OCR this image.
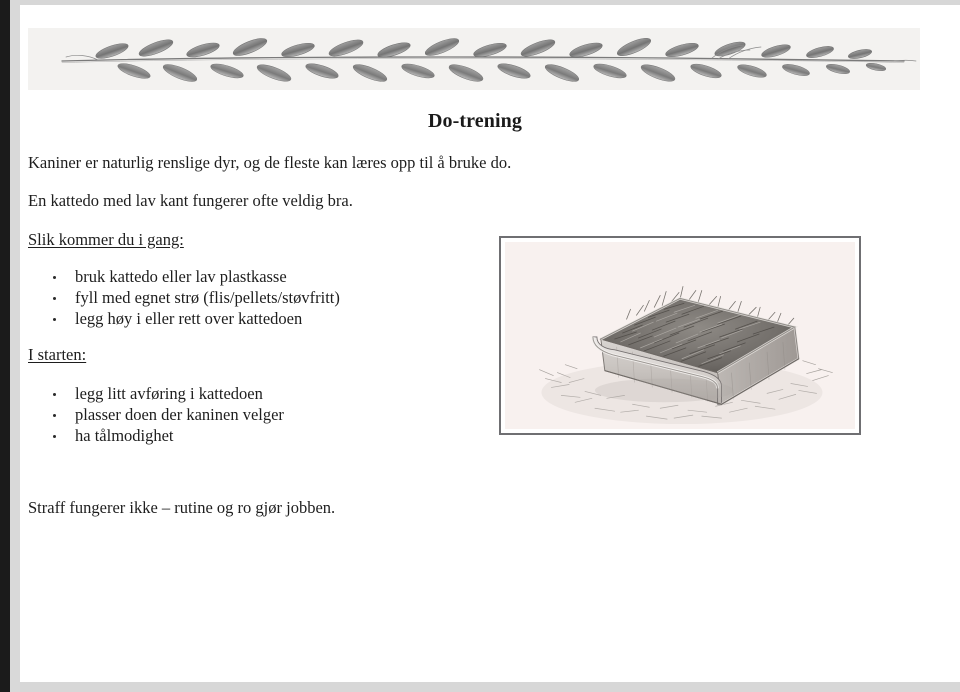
Do-trening
Kaniner er naturlig renslige dyr, og de fleste kan læres opp til å bruke do.
En kattedo med lav kant fungerer ofte veldig bra.
Slik kommer du i gang:
bruk kattedo eller lav plastkasse
fyll med egnet strø (flis/pellets/støvfritt)
legg høy i eller rett over kattedoen
I starten:
legg litt avføring i kattedoen
plasser doen der kaninen velger
ha tålmodighet
Straff fungerer ikke – rutine og ro gjør jobben.
